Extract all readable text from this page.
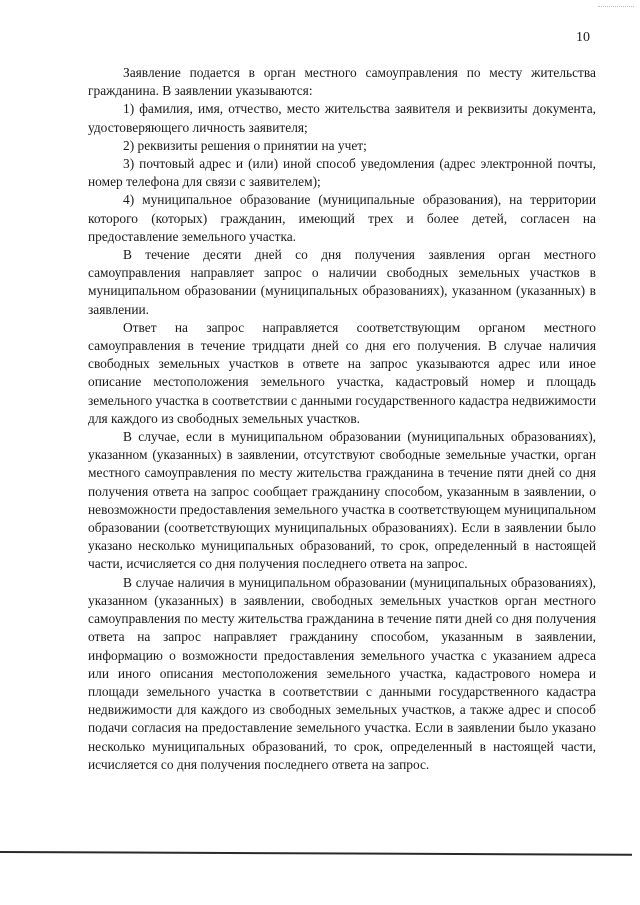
10

Заявление подается в орган местного самоуправления по месту жительства гражданина. В заявлении указываются:

1) фамилия, имя, отчество, место жительства заявителя и реквизиты документа, удостоверяющего личность заявителя;

2) реквизиты решения о принятии на учет;

3) почтовый адрес и (или) иной способ уведомления (адрес электронной почты, номер телефона для связи с заявителем);

4) муниципальное образование (муниципальные образования), на территории которого (которых) гражданин, имеющий трех и более детей, согласен на предоставление земельного участка.

В течение десяти дней со дня получения заявления орган местного самоуправления направляет запрос о наличии свободных земельных участков в муниципальном образовании (муниципальных образованиях), указанном (указанных) в заявлении.

Ответ на запрос направляется соответствующим органом местного самоуправления в течение тридцати дней со дня его получения. В случае наличия свободных земельных участков в ответе на запрос указываются адрес или иное описание местоположения земельного участка, кадастровый номер и площадь земельного участка в соответствии с данными государственного кадастра недвижимости для каждого из свободных земельных участков.

В случае, если в муниципальном образовании (муниципальных образованиях), указанном (указанных) в заявлении, отсутствуют свободные земельные участки, орган местного самоуправления по месту жительства гражданина в течение пяти дней со дня получения ответа на запрос сообщает гражданину способом, указанным в заявлении, о невозможности предоставления земельного участка в соответствующем муниципальном образовании (соответствующих муниципальных образованиях). Если в заявлении было указано несколько муниципальных образований, то срок, определенный в настоящей части, исчисляется со дня получения последнего ответа на запрос.

В случае наличия в муниципальном образовании (муниципальных образованиях), указанном (указанных) в заявлении, свободных земельных участков орган местного самоуправления по месту жительства гражданина в течение пяти дней со дня получения ответа на запрос направляет гражданину способом, указанным в заявлении, информацию о возможности предоставления земельного участка с указанием адреса или иного описания местоположения земельного участка, кадастрового номера и площади земельного участка в соответствии с данными государственного кадастра недвижимости для каждого из свободных земельных участков, а также адрес и способ подачи согласия на предоставление земельного участка. Если в заявлении было указано несколько муниципальных образований, то срок, определенный в настоящей части, исчисляется со дня получения последнего ответа на запрос.
